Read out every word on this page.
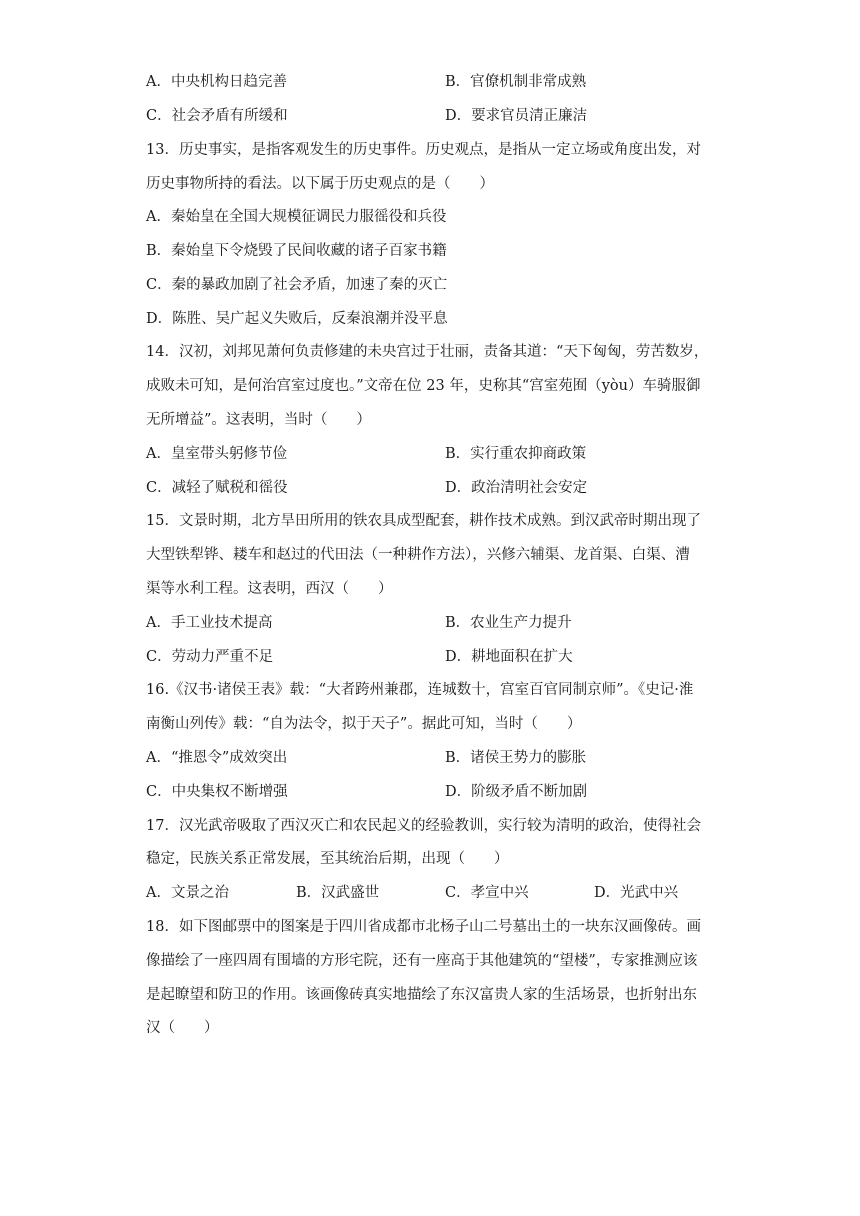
A．中央机构日趋完善	B．官僚机制非常成熟
C．社会矛盾有所缓和	D．要求官员清正廉洁
13．历史事实，是指客观发生的历史事件。历史观点，是指从一定立场或角度出发，对
历史事物所持的看法。以下属于历史观点的是（　　）
A．秦始皇在全国大规模征调民力服徭役和兵役
B．秦始皇下令烧毁了民间收藏的诸子百家书籍
C．秦的暴政加剧了社会矛盾，加速了秦的灭亡
D．陈胜、吴广起义失败后，反秦浪潮并没平息
14．汉初，刘邦见萧何负责修建的未央宫过于壮丽，责备其道：“天下匈匈，劳苦数岁，
成败未可知，是何治宫室过度也。”文帝在位 23 年，史称其“宫室苑囿（yòu）车骑服御
无所增益”。这表明，当时（　　）
A．皇室带头躬修节俭	B．实行重农抑商政策
C．减轻了赋税和徭役	D．政治清明社会安定
15．文景时期，北方旱田所用的铁农具成型配套，耕作技术成熟。到汉武帝时期出现了
大型铁犁铧、耧车和赵过的代田法（一种耕作方法），兴修六辅渠、龙首渠、白渠、漕
渠等水利工程。这表明，西汉（　　）
A．手工业技术提高	B．农业生产力提升
C．劳动力严重不足	D．耕地面积在扩大
16.《汉书·诸侯王表》载：“大者跨州兼郡，连城数十，宫室百官同制京师”。《史记·淮
南衡山列传》载：“自为法令，拟于天子”。据此可知，当时（　　）
A．“推恩令”成效突出	B．诸侯王势力的膨胀
C．中央集权不断增强	D．阶级矛盾不断加剧
17．汉光武帝吸取了西汉灭亡和农民起义的经验教训，实行较为清明的政治，使得社会
稳定，民族关系正常发展，至其统治后期，出现（　　）
A．文景之治	B．汉武盛世	C．孝宣中兴	D．光武中兴
18．如下图邮票中的图案是于四川省成都市北杨子山二号墓出土的一块东汉画像砖。画
像描绘了一座四周有围墙的方形宅院，还有一座高于其他建筑的“望楼”，专家推测应该
是起瞭望和防卫的作用。该画像砖真实地描绘了东汉富贵人家的生活场景，也折射出东
汉（　　）
